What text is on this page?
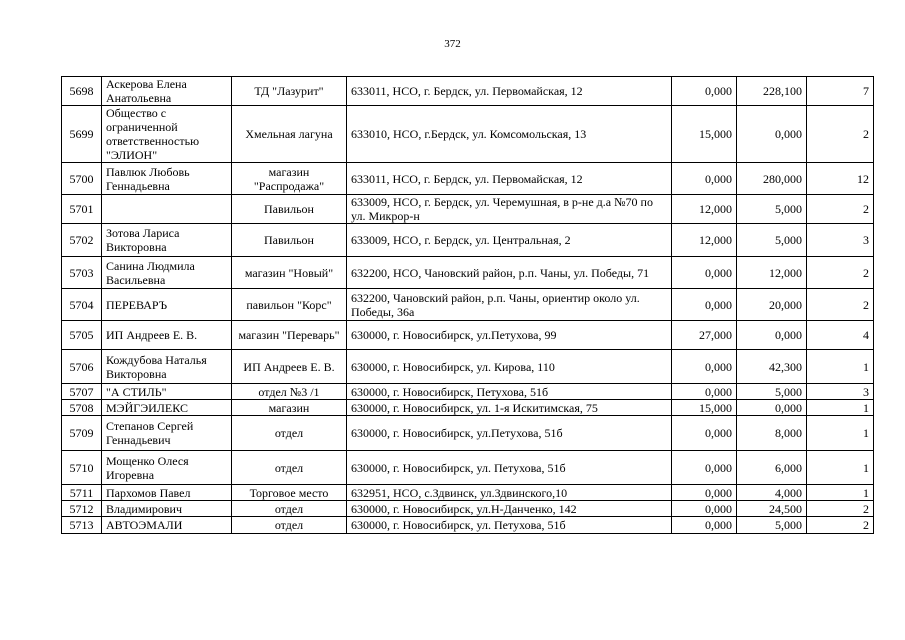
372
5698	Аскерова Елена Анатольевна	ТД "Лазурит"	633011, НСО, г. Бердск, ул. Первомайская, 12	0,000	228,100	7
5699	Общество с ограниченной ответственностью "ЭЛИОН"	Хмельная лагуна	633010, НСО, г.Бердск, ул. Комсомольская, 13	15,000	0,000	2
5700	Павлюк Любовь Геннадьевна	магазин "Распродажа"	633011, НСО, г. Бердск, ул. Первомайская, 12	0,000	280,000	12
5701		Павильон	633009, НСО, г. Бердск, ул. Черемушная, в р-не д.а №70 по ул. Микрор-н	12,000	5,000	2
5702	Зотова Лариса Викторовна	Павильон	633009, НСО, г. Бердск, ул. Центральная, 2	12,000	5,000	3
5703	Санина Людмила Васильевна	магазин "Новый"	632200, НСО, Чановский район, р.п. Чаны, ул. Победы, 71	0,000	12,000	2
5704	ПЕРЕВАРЪ	павильон "Корс"	632200, Чановский район, р.п. Чаны, ориентир около ул. Победы, 36а	0,000	20,000	2
5705	ИП Андреев Е. В.	магазин "Переварь"	630000, г. Новосибирск, ул.Петухова, 99	27,000	0,000	4
5706	Кождубова Наталья Викторовна	ИП Андреев Е. В.	630000, г. Новосибирск, ул. Кирова, 110	0,000	42,300	1
5707	"А СТИЛЬ"	отдел №3 /1	630000, г. Новосибирск, Петухова, 51б	0,000	5,000	3
5708	МЭЙГЭИЛЕКС	магазин	630000, г. Новосибирск, ул. 1-я Искитимская, 75	15,000	0,000	1
5709	Степанов Сергей Геннадьевич	отдел	630000, г. Новосибирск, ул.Петухова, 51б	0,000	8,000	1
5710	Мощенко Олеся Игоревна	отдел	630000, г. Новосибирск, ул. Петухова, 51б	0,000	6,000	1
5711	Пархомов Павел	Торговое место	632951, НСО, с.Здвинск, ул.Здвинского,10	0,000	4,000	1
5712	Владимирович	отдел	630000, г. Новосибирск, ул.Н-Данченко, 142	0,000	24,500	2
5713	АВТОЭМАЛИ	отдел	630000, г. Новосибирск, ул. Петухова, 51б	0,000	5,000	2
